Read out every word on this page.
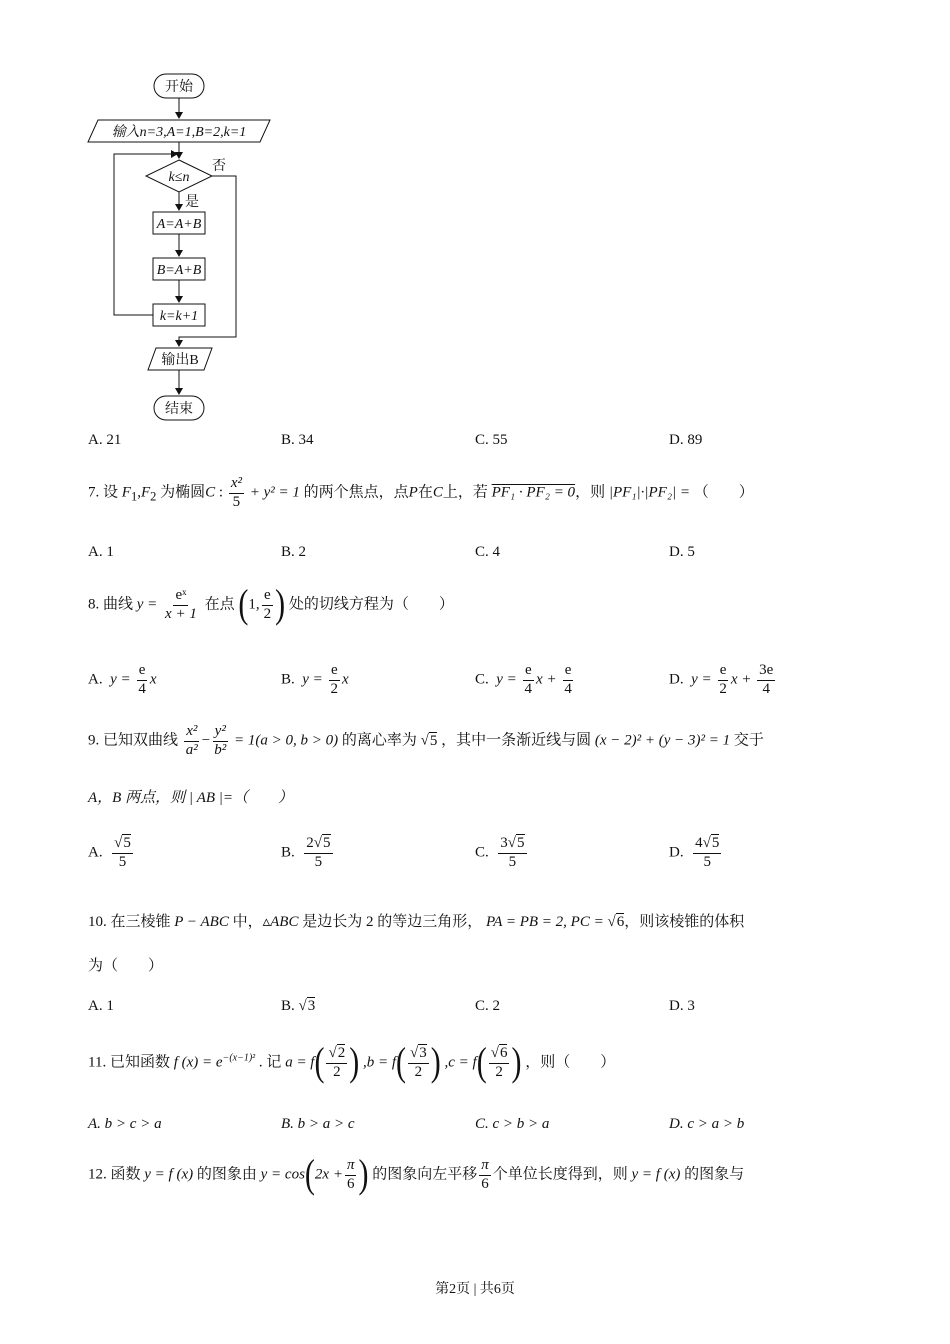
开始
输入n=3,A=1,B=2,k=1
k≤n
否
是
A=A+B
B=A+B
k=k+1
输出B
结束
A. 21	B. 34	C. 55	D. 89
7. 设 $F_1,F_2$ 为椭圆C : $\frac{\text{x²}}{5} + y^2 = 1$ 的两个焦点，点P在C上，若 PF₁ · PF₂ = 0，则 |PF₁|·|PF₂| = （　　）
A. 1	B. 2	C. 4	D. 5
8. 曲线 $y = \frac{\text{eˣ}}{x + 1}$ 在点 (1, $\frac{e}{2}$ ) 处的切线方程为（　　）
A. $y = \frac{e}{4}$ x	B. $y = \frac{e}{2}$ x	C. $y = \frac{e}{4}$ $x + \frac{e}{4}$	D. $y = \frac{e}{2}$ $x + \frac{3e}{4}$
9. 已知双曲线 $\frac{\text{x²}}{\text{a²}} - \frac{\text{y²}}{\text{b²}} = 1(a > 0$, b > 0) 的离心率为 √5 ，其中一条渐近线与圆 (x − 2)² + (y − 3)² = 1 交于
A，B 两点，则 | AB |=（　　）
A. $\frac{√5}{5}$	B. $\frac{2√5}{5}$	C. $\frac{3√5}{5}$	D. $\frac{4√5}{5}$
10. 在三棱锥 P − ABC 中，▵ABC 是边长为 2 的等边三角形， PA = PB = 2, PC = √6，则该棱锥的体积
为（　　）
A. 1	B. √3	C. 2	D. 3
11. 已知函数 f $(x) = e^{-(x-1)^2}$ . 记 $a = f( \frac{√2}{2}$ ) $,b = f( \frac{√3}{2}$ ) $,c = f( \frac{√6}{2}$ ) ，则（　　）
A. b > c > a	B. b > a > c	C. c > b > a	D. c > a > b
12. 函数 y = f (x) 的图象由 $y = \cos(2x + \frac{\pi}{6}$ ) 的图象向左平移 $\frac{\pi}{6}$ 个单位长度得到，则 y = f (x) 的图象与
第2页 | 共6页
